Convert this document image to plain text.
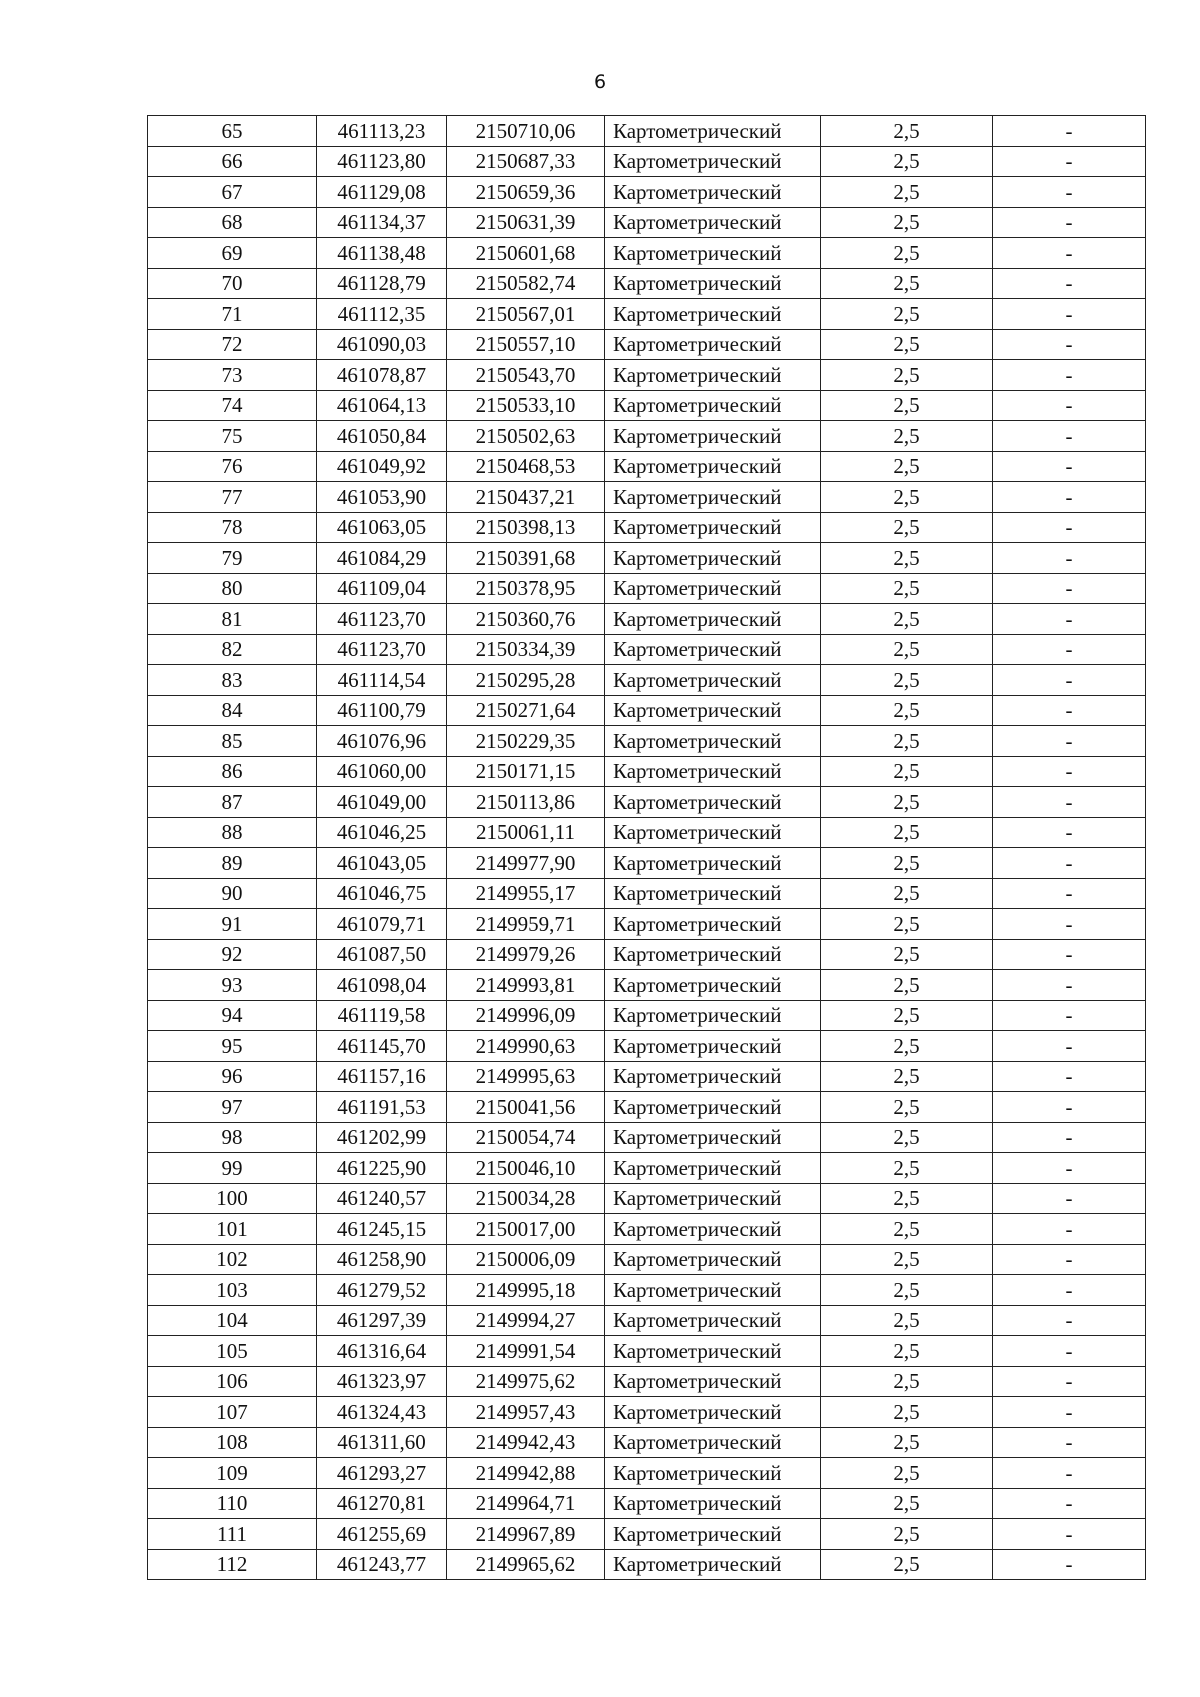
6
65	461113,23	2150710,06	Картометрический	2,5	-
66	461123,80	2150687,33	Картометрический	2,5	-
67	461129,08	2150659,36	Картометрический	2,5	-
68	461134,37	2150631,39	Картометрический	2,5	-
69	461138,48	2150601,68	Картометрический	2,5	-
70	461128,79	2150582,74	Картометрический	2,5	-
71	461112,35	2150567,01	Картометрический	2,5	-
72	461090,03	2150557,10	Картометрический	2,5	-
73	461078,87	2150543,70	Картометрический	2,5	-
74	461064,13	2150533,10	Картометрический	2,5	-
75	461050,84	2150502,63	Картометрический	2,5	-
76	461049,92	2150468,53	Картометрический	2,5	-
77	461053,90	2150437,21	Картометрический	2,5	-
78	461063,05	2150398,13	Картометрический	2,5	-
79	461084,29	2150391,68	Картометрический	2,5	-
80	461109,04	2150378,95	Картометрический	2,5	-
81	461123,70	2150360,76	Картометрический	2,5	-
82	461123,70	2150334,39	Картометрический	2,5	-
83	461114,54	2150295,28	Картометрический	2,5	-
84	461100,79	2150271,64	Картометрический	2,5	-
85	461076,96	2150229,35	Картометрический	2,5	-
86	461060,00	2150171,15	Картометрический	2,5	-
87	461049,00	2150113,86	Картометрический	2,5	-
88	461046,25	2150061,11	Картометрический	2,5	-
89	461043,05	2149977,90	Картометрический	2,5	-
90	461046,75	2149955,17	Картометрический	2,5	-
91	461079,71	2149959,71	Картометрический	2,5	-
92	461087,50	2149979,26	Картометрический	2,5	-
93	461098,04	2149993,81	Картометрический	2,5	-
94	461119,58	2149996,09	Картометрический	2,5	-
95	461145,70	2149990,63	Картометрический	2,5	-
96	461157,16	2149995,63	Картометрический	2,5	-
97	461191,53	2150041,56	Картометрический	2,5	-
98	461202,99	2150054,74	Картометрический	2,5	-
99	461225,90	2150046,10	Картометрический	2,5	-
100	461240,57	2150034,28	Картометрический	2,5	-
101	461245,15	2150017,00	Картометрический	2,5	-
102	461258,90	2150006,09	Картометрический	2,5	-
103	461279,52	2149995,18	Картометрический	2,5	-
104	461297,39	2149994,27	Картометрический	2,5	-
105	461316,64	2149991,54	Картометрический	2,5	-
106	461323,97	2149975,62	Картометрический	2,5	-
107	461324,43	2149957,43	Картометрический	2,5	-
108	461311,60	2149942,43	Картометрический	2,5	-
109	461293,27	2149942,88	Картометрический	2,5	-
110	461270,81	2149964,71	Картометрический	2,5	-
111	461255,69	2149967,89	Картометрический	2,5	-
112	461243,77	2149965,62	Картометрический	2,5	-
